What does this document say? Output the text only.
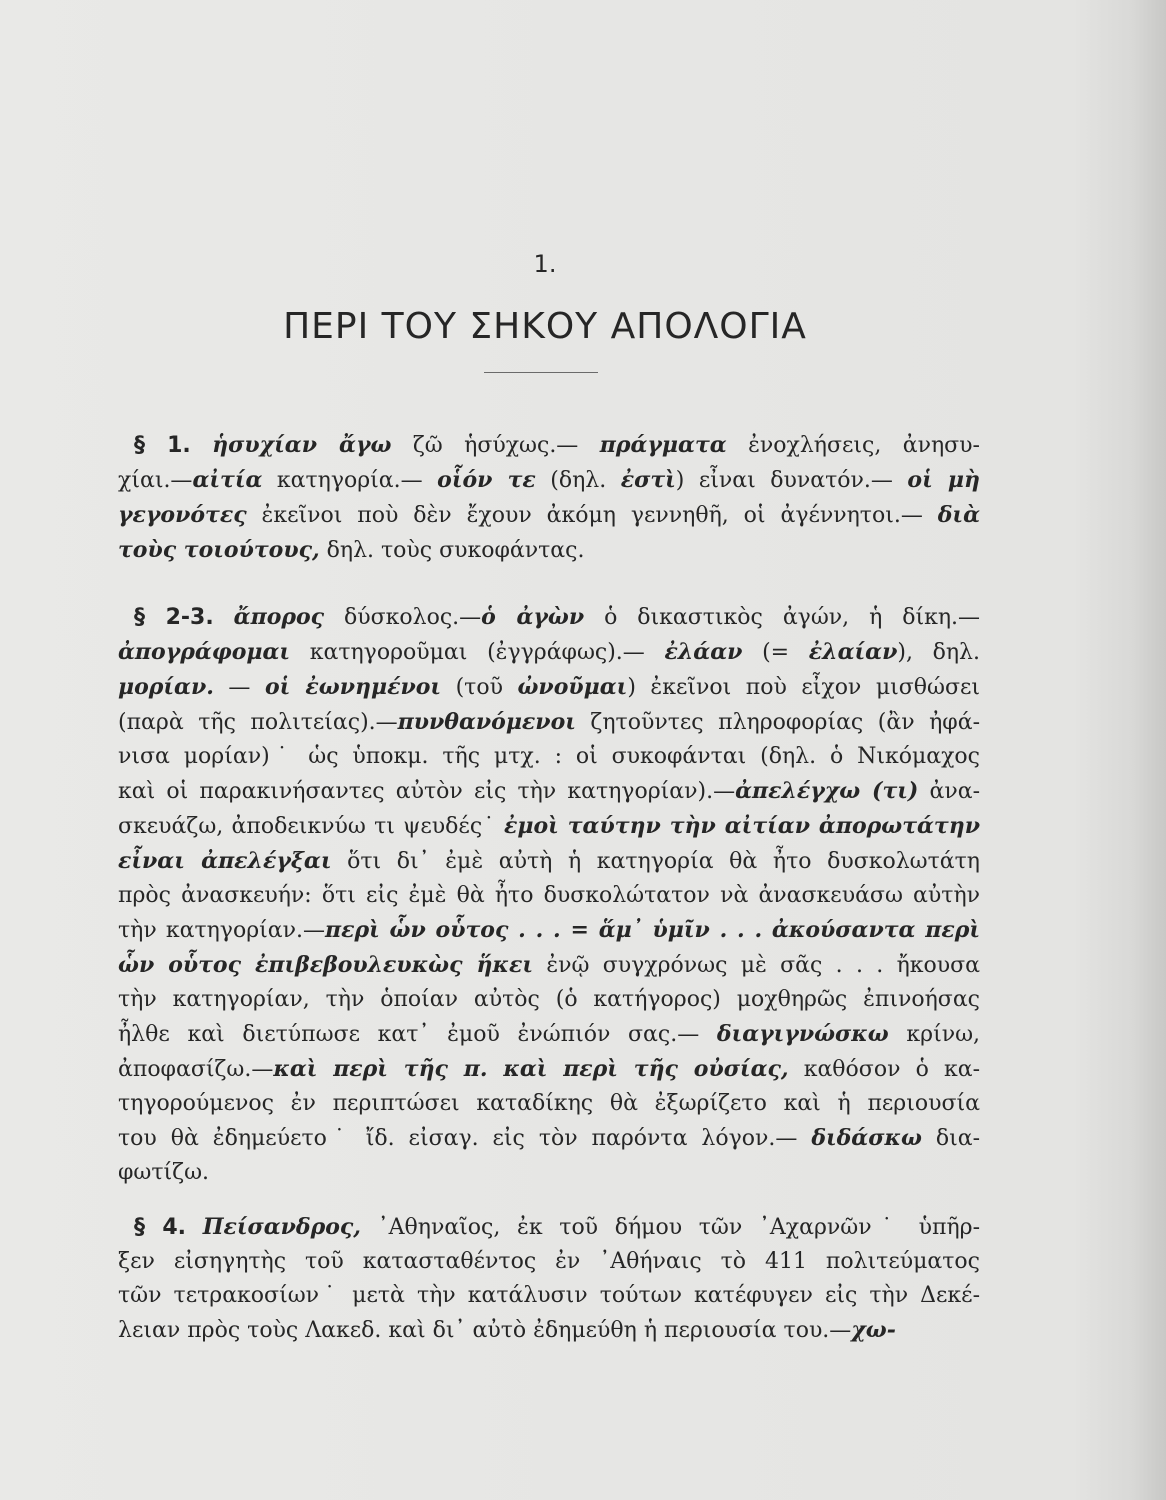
1.
ΠΕΡΙ ΤΟΥ ΣΗΚΟΥ ΑΠΟΛΟΓΙΑ
§ 1. ἡσυχίαν ἄγω ζῶ ἡσύχως.— πράγματα ἐνοχλήσεις, ἀνησυ-
χίαι.—αἰτία κατηγορία.— οἷόν τε (δηλ. ἐστὶ) εἶναι δυνατόν.— οἱ μὴ
γεγονότες ἐκεῖνοι ποὺ δὲν ἔχουν ἀκόμη γεννηθῆ, οἱ ἀγέννητοι.— διὰ
τοὺς τοιούτους, δηλ. τοὺς συκοφάντας.
§ 2-3. ἄπορος δύσκολος.—ὁ ἀγὼν ὁ δικαστικὸς ἀγών, ἡ δίκη.—
ἀπογράφομαι κατηγοροῦμαι (ἐγγράφως).— ἐλάαν (= ἐλαίαν), δηλ.
μορίαν. — οἱ ἐωνημένοι (τοῦ ὠνοῦμαι) ἐκεῖνοι ποὺ εἶχον μισθώσει
(παρὰ τῆς πολιτείας).—πυνθανόμενοι ζητοῦντες πληροφορίας (ἂν ἠφά-
νισα μορίαν)˙ ὡς ὑποκμ. τῆς μτχ. : οἱ συκοφάνται (δηλ. ὁ Νικόμαχος
καὶ οἱ παρακινήσαντες αὐτὸν εἰς τὴν κατηγορίαν).—ἀπελέγχω (τι) ἀνα-
σκευάζω, ἀποδεικνύω τι ψευδές˙ ἐμοὶ ταύτην τὴν αἰτίαν ἀπορωτάτην
εἶναι ἀπελέγξαι ὅτι δι᾿ ἐμὲ αὐτὴ ἡ κατηγορία θὰ ἦτο δυσκολωτάτη
πρὸς ἀνασκευήν: ὅτι εἰς ἐμὲ θὰ ἦτο δυσκολώτατον νὰ ἀνασκευάσω αὐτὴν
τὴν κατηγορίαν.—περὶ ὧν οὗτος . . . = ἅμ᾿ ὑμῖν . . . ἀκούσαντα περὶ
ὧν οὗτος ἐπιβεβουλευκὼς ἥκει ἐνῷ συγχρόνως μὲ σᾶς . . . ἤκουσα
τὴν κατηγορίαν, τὴν ὁποίαν αὐτὸς (ὁ κατήγορος) μοχθηρῶς ἐπινοήσας
ἦλθε καὶ διετύπωσε κατ᾿ ἐμοῦ ἐνώπιόν σας.— διαγιγνώσκω κρίνω,
ἀποφασίζω.—καὶ περὶ τῆς π. καὶ περὶ τῆς οὐσίας, καθόσον ὁ κα-
τηγορούμενος ἐν περιπτώσει καταδίκης θὰ ἐξωρίζετο καὶ ἡ περιουσία
του θὰ ἐδημεύετο˙ ἴδ. εἰσαγ. εἰς τὸν παρόντα λόγον.— διδάσκω δια-
φωτίζω.
§ 4. Πείσανδρος, ᾿Αθηναῖος, ἐκ τοῦ δήμου τῶν ᾿Αχαρνῶν˙ ὑπῆρ-
ξεν εἰσηγητὴς τοῦ κατασταθέντος ἐν ᾿Αθήναις τὸ 411 πολιτεύματος
τῶν τετρακοσίων˙ μετὰ τὴν κατάλυσιν τούτων κατέφυγεν εἰς τὴν Δεκέ-
λειαν πρὸς τοὺς Λακεδ. καὶ δι᾿ αὐτὸ ἐδημεύθη ἡ περιουσία του.—χω-
